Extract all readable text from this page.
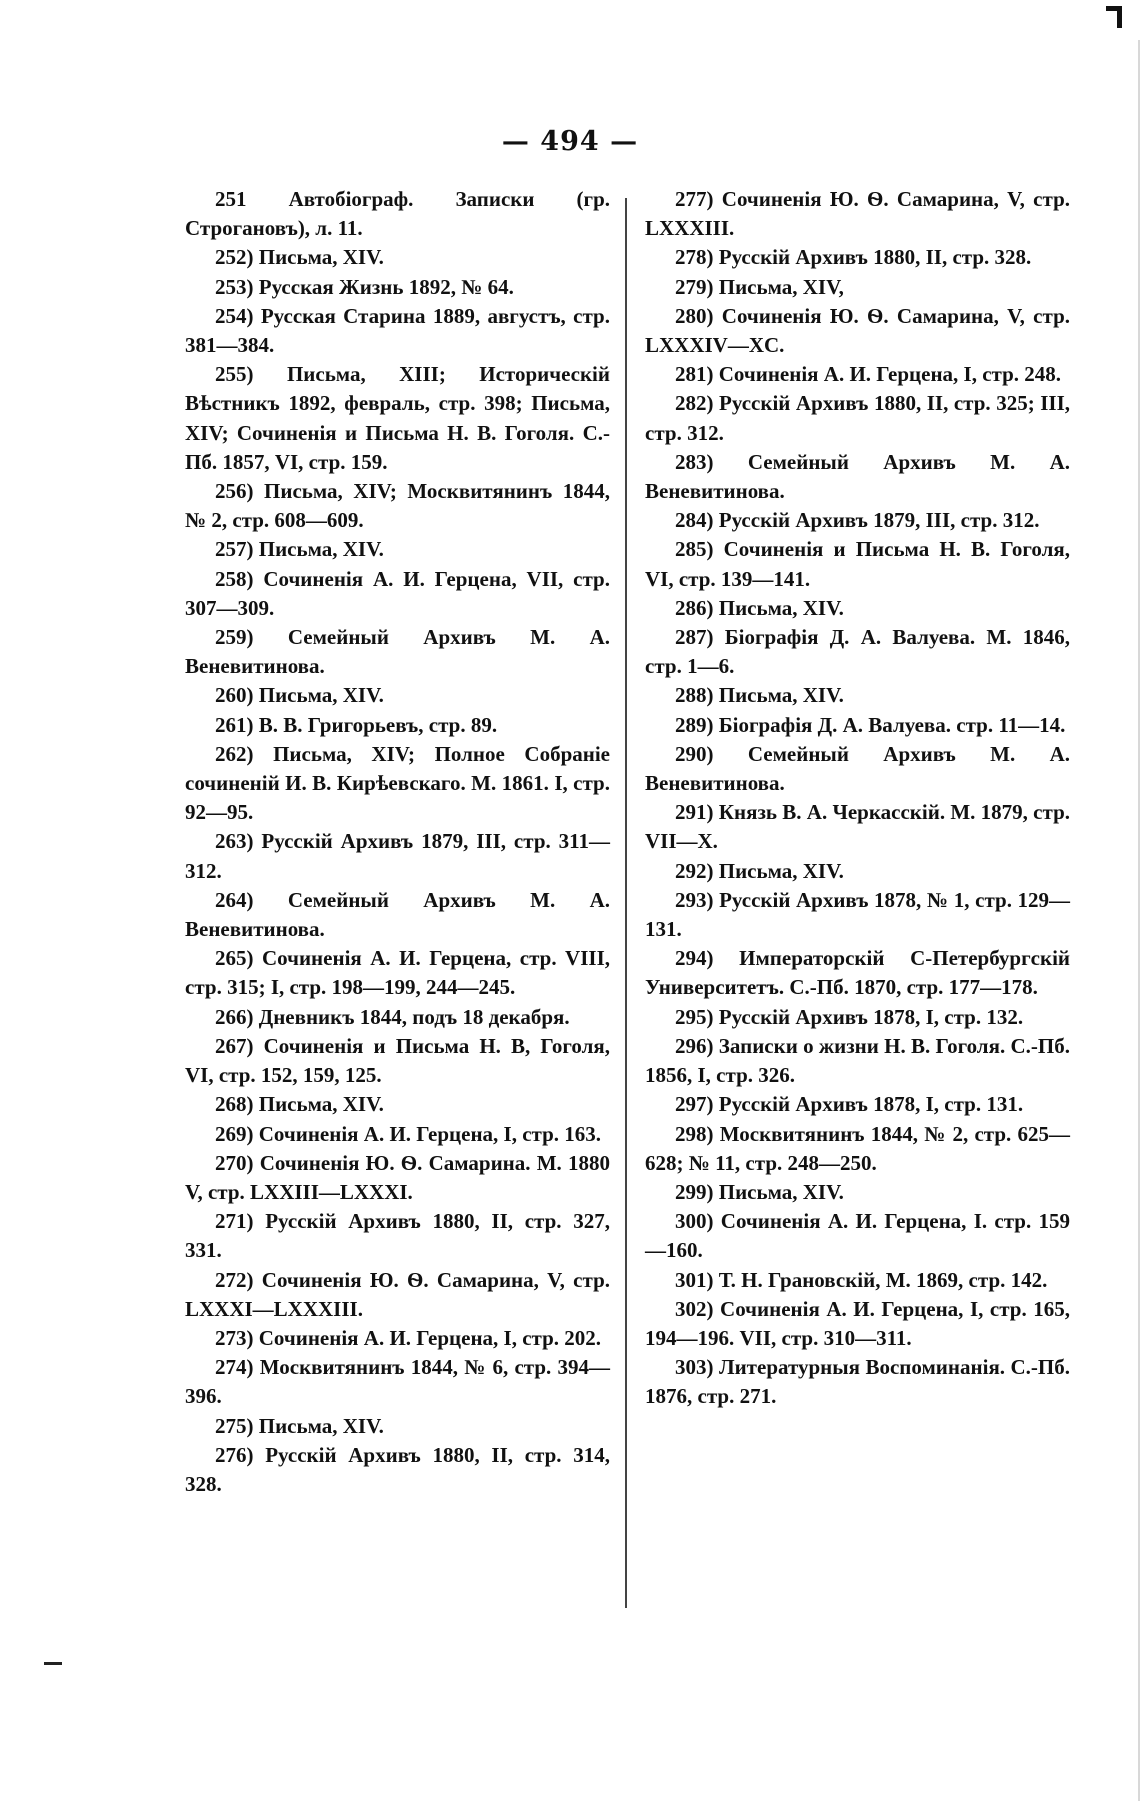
— 494 —

251 Автобіограф. Записки (гр. Строгановъ), л. 11.

252) Письма, XIV.

253) Русская Жизнь 1892, № 64.

254) Русская Старина 1889, августъ, стр. 381—384.

255) Письма, XIII; Историческій Вѣстникъ 1892, февраль, стр. 398; Письма, XIV; Сочиненія и Письма Н. В. Гоголя. С.-Пб. 1857, VI, стр. 159.

256) Письма, XIV; Москвитянинъ 1844, № 2, стр. 608—609.

257) Письма, XIV.

258) Сочиненія А. И. Герцена, VII, стр. 307—309.

259) Семейный Архивъ М. А. Веневитинова.

260) Письма, XIV.

261) В. В. Григорьевъ, стр. 89.

262) Письма, XIV; Полное Собраніе сочиненій И. В. Кирѣевскаго. М. 1861. I, стр. 92—95.

263) Русскій Архивъ 1879, III, стр. 311—312.

264) Семейный Архивъ М. А. Веневитинова.

265) Сочиненія А. И. Герцена, стр. VIII, стр. 315; I, стр. 198—199, 244—245.

266) Дневникъ 1844, подъ 18 декабря.

267) Сочиненія и Письма Н. В, Гоголя, VI, стр. 152, 159, 125.

268) Письма, XIV.

269) Сочиненія А. И. Герцена, I, стр. 163.

270) Сочиненія Ю. Ѳ. Самарина. М. 1880 V, стр. LXXIII—LXXXI.

271) Русскій Архивъ 1880, II, стр. 327, 331.

272) Сочиненія Ю. Ѳ. Самарина, V, стр. LXXXI—LXXXIII.

273) Сочиненія А. И. Герцена, I, стр. 202.

274) Москвитянинъ 1844, № 6, стр. 394—396.

275) Письма, XIV.

276) Русскій Архивъ 1880, II, стр. 314, 328.

277) Сочиненія Ю. Ѳ. Самарина, V, стр. LXXXIII.

278) Русскій Архивъ 1880, II, стр. 328.

279) Письма, XIV,

280) Сочиненія Ю. Ѳ. Самарина, V, стр. LXXXIV—XC.

281) Сочиненія А. И. Герцена, I, стр. 248.

282) Русскій Архивъ 1880, II, стр. 325; III, стр. 312.

283) Семейный Архивъ М. А. Веневитинова.

284) Русскій Архивъ 1879, III, стр. 312.

285) Сочиненія и Письма Н. В. Гоголя, VI, стр. 139—141.

286) Письма, XIV.

287) Біографія Д. А. Валуева. М. 1846, стр. 1—6.

288) Письма, XIV.

289) Біографія Д. А. Валуева. стр. 11—14.

290) Семейный Архивъ М. А. Веневитинова.

291) Князь В. А. Черкасскій. М. 1879, стр. VII—X.

292) Письма, XIV.

293) Русскій Архивъ 1878, № 1, стр. 129—131.

294) Императорскій С-Петербургскій Университетъ. С.-Пб. 1870, стр. 177—178.

295) Русскій Архивъ 1878, I, стр. 132.

296) Записки о жизни Н. В. Гоголя. С.-Пб. 1856, I, стр. 326.

297) Русскій Архивъ 1878, I, стр. 131.

298) Москвитянинъ 1844, № 2, стр. 625—628; № 11, стр. 248—250.

299) Письма, XIV.

300) Сочиненія А. И. Герцена, I. стр. 159—160.

301) Т. Н. Грановскій, М. 1869, стр. 142.

302) Сочиненія А. И. Герцена, I, стр. 165, 194—196. VII, стр. 310—311.

303) Литературныя Воспоминанія. С.-Пб. 1876, стр. 271.
